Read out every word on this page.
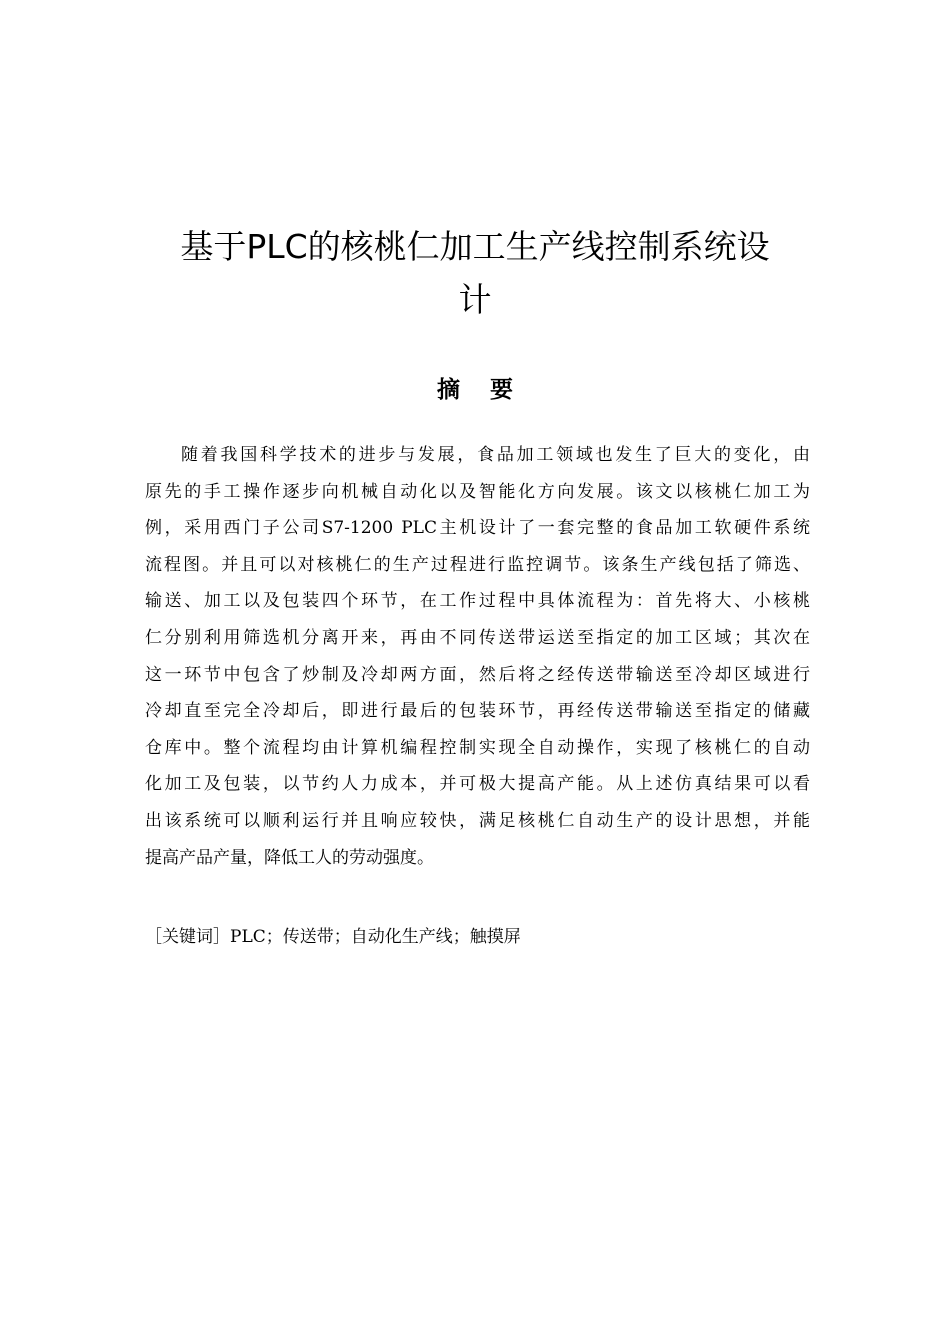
基于PLC的核桃仁加工生产线控制系统设
计
摘要
随着我国科学技术的进步与发展，食品加工领域也发生了巨大的变化，由
原先的手工操作逐步向机械自动化以及智能化方向发展。该文以核桃仁加工为
例，采用西门子公司S7-1200 PLC主机设计了一套完整的食品加工软硬件系统
流程图。并且可以对核桃仁的生产过程进行监控调节。该条生产线包括了筛选、
输送、加工以及包装四个环节，在工作过程中具体流程为：首先将大、小核桃
仁分别利用筛选机分离开来，再由不同传送带运送至指定的加工区域；其次在
这一环节中包含了炒制及冷却两方面，然后将之经传送带输送至冷却区域进行
冷却直至完全冷却后，即进行最后的包装环节，再经传送带输送至指定的储藏
仓库中。整个流程均由计算机编程控制实现全自动操作，实现了核桃仁的自动
化加工及包装，以节约人力成本，并可极大提高产能。从上述仿真结果可以看
出该系统可以顺利运行并且响应较快，满足核桃仁自动生产的设计思想，并能
提高产品产量，降低工人的劳动强度。
［关键词］PLC；传送带；自动化生产线；触摸屏
